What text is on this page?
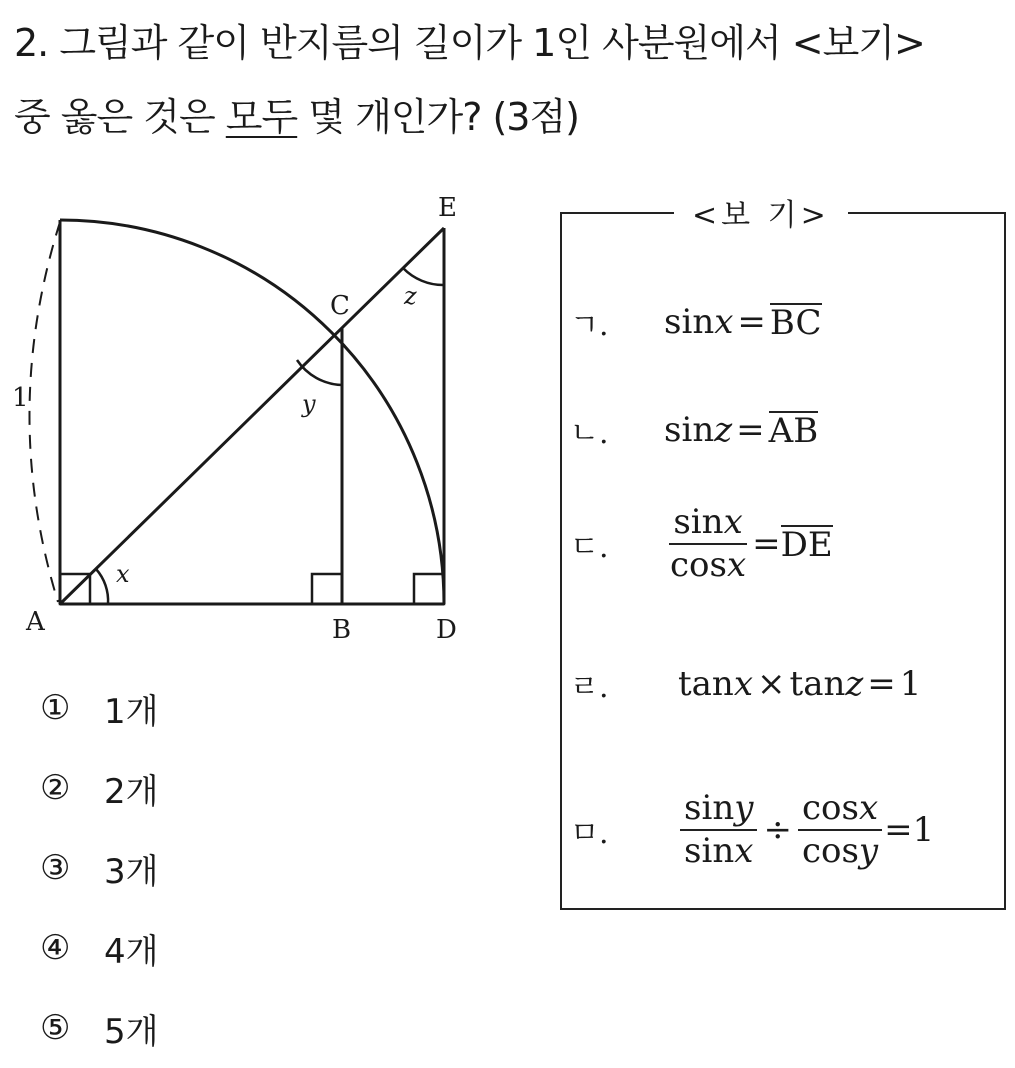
2. 그림과 같이 반지름의 길이가 1인 사분원에서 <보기>
중 옳은 것은 모두 몇 개인가? (3점)
A	B
C
D
E
1
x
y
z
① 1개
② 2개
③ 3개
④ 4개
⑤ 5개
<보 기>
ㄱ.	sin x = BC
ㄴ.	sin z = AB
ㄷ.	$\frac{\sin x}{\cos x}$ = DE
ㄹ.	tan x × tan z = 1
ㅁ.	$\frac{\sin y}{\sin x} \div \frac{\cos x}{\cos y} = 1$
